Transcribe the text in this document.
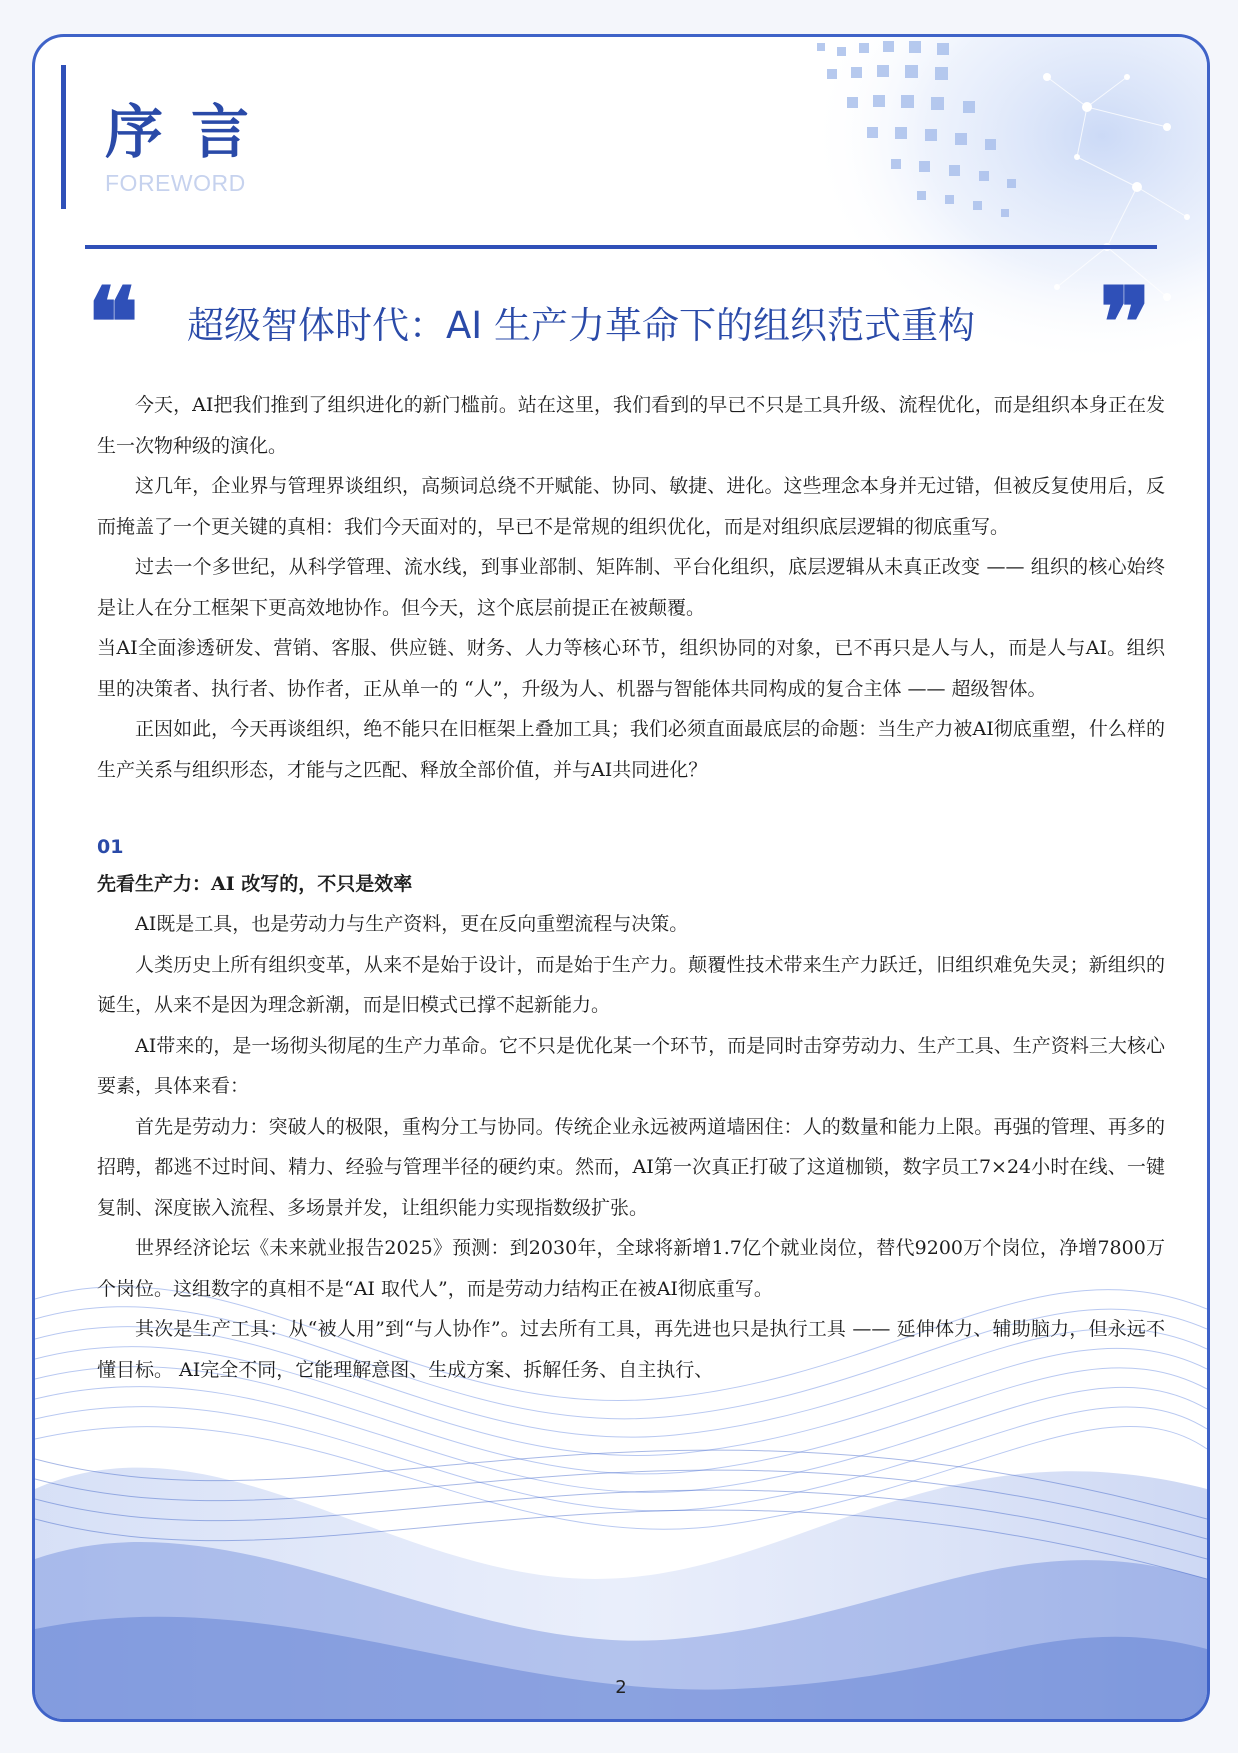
序言
FOREWORD
❝ 超级智体时代：AI 生产力革命下的组织范式重构	❞

今天，AI把我们推到了组织进化的新门槛前。站在这里，我们看到的早已不只是工具升级、流程优化，而是组织本身正在发生一次物种级的演化。

这几年，企业界与管理界谈组织，高频词总绕不开赋能、协同、敏捷、进化。这些理念本身并无过错，但被反复使用后，反而掩盖了一个更关键的真相：我们今天面对的，早已不是常规的组织优化，而是对组织底层逻辑的彻底重写。

过去一个多世纪，从科学管理、流水线，到事业部制、矩阵制、平台化组织，底层逻辑从未真正改变 —— 组织的核心始终是让人在分工框架下更高效地协作。但今天，这个底层前提正在被颠覆。

当AI全面渗透研发、营销、客服、供应链、财务、人力等核心环节，组织协同的对象，已不再只是人与人，而是人与AI。组织里的决策者、执行者、协作者，正从单一的 “人”，升级为人、机器与智能体共同构成的复合主体 —— 超级智体。

正因如此，今天再谈组织，绝不能只在旧框架上叠加工具；我们必须直面最底层的命题：当生产力被AI彻底重塑，什么样的生产关系与组织形态，才能与之匹配、释放全部价值，并与AI共同进化？

01
先看生产力：AI 改写的，不只是效率

AI既是工具，也是劳动力与生产资料，更在反向重塑流程与决策。

人类历史上所有组织变革，从来不是始于设计，而是始于生产力。颠覆性技术带来生产力跃迁，旧组织难免失灵；新组织的诞生，从来不是因为理念新潮，而是旧模式已撑不起新能力。

AI带来的，是一场彻头彻尾的生产力革命。它不只是优化某一个环节，而是同时击穿劳动力、生产工具、生产资料三大核心要素，具体来看：

首先是劳动力：突破人的极限，重构分工与协同。传统企业永远被两道墙困住：人的数量和能力上限。再强的管理、再多的招聘，都逃不过时间、精力、经验与管理半径的硬约束。然而，AI第一次真正打破了这道枷锁，数字员工7×24小时在线、一键复制、深度嵌入流程、多场景并发，让组织能力实现指数级扩张。

世界经济论坛《未来就业报告2025》预测：到2030年，全球将新增1.7亿个就业岗位，替代9200万个岗位，净增7800万个岗位。这组数字的真相不是“AI 取代人”，而是劳动力结构正在被AI彻底重写。

其次是生产工具：从“被人用”到“与人协作”。过去所有工具，再先进也只是执行工具 —— 延伸体力、辅助脑力，但永远不懂目标。 AI完全不同，它能理解意图、生成方案、拆解任务、自主执行、

2
